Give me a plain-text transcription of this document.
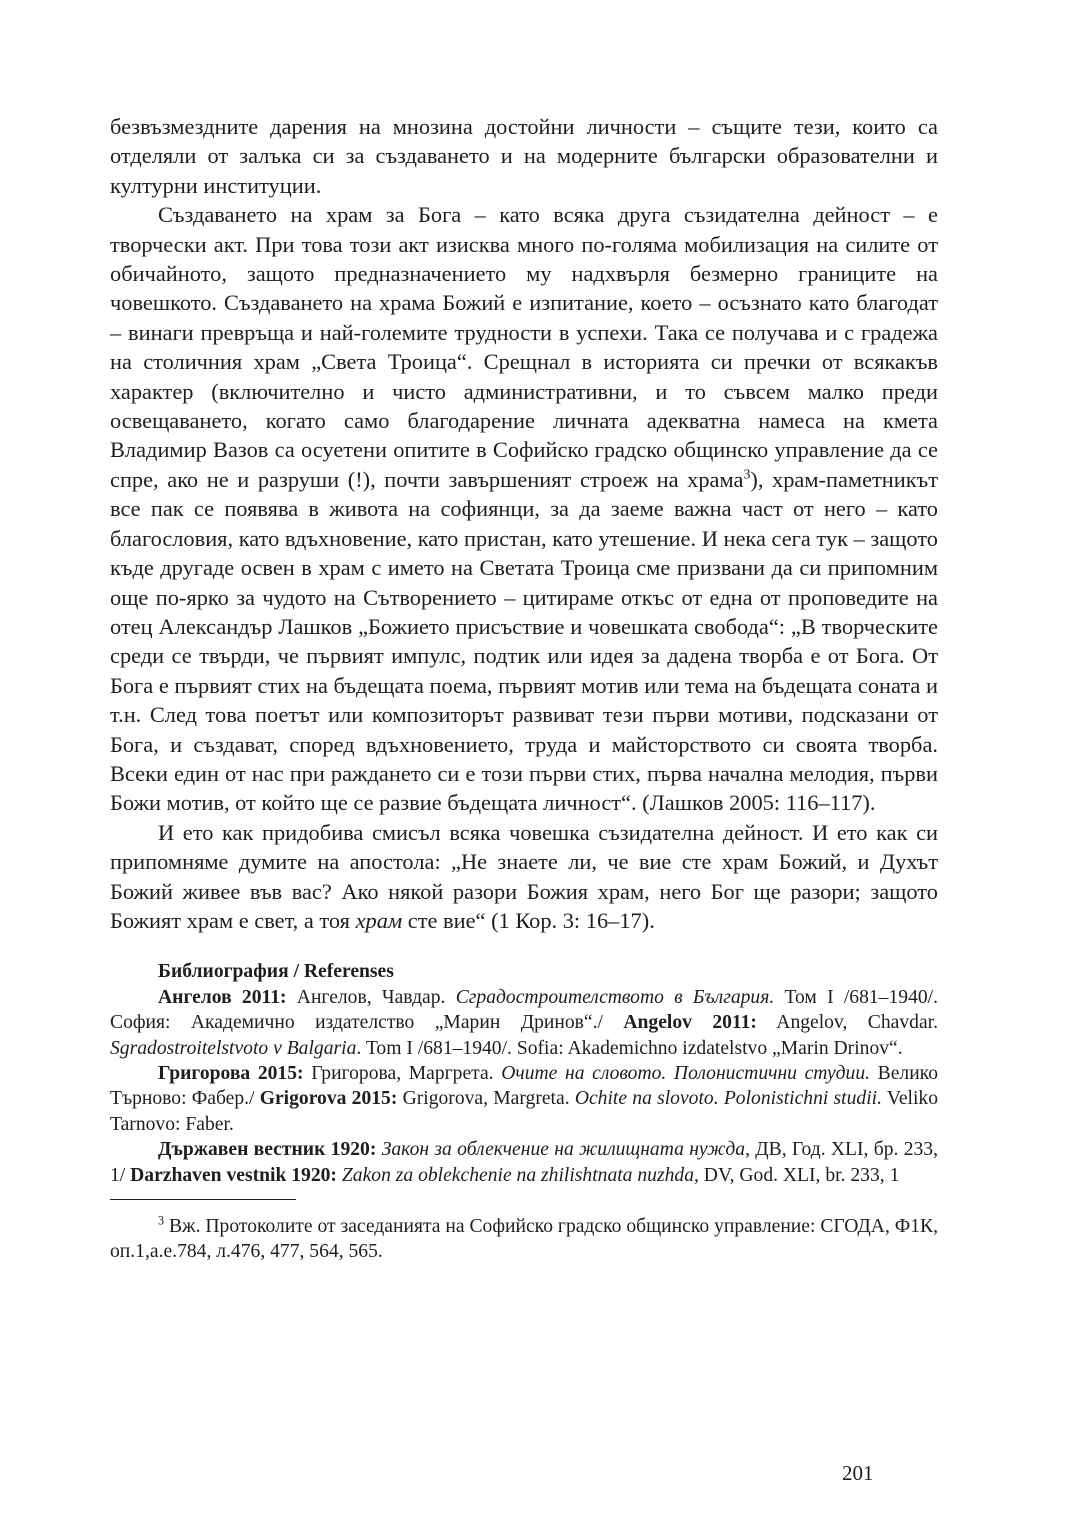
безвъзмездните дарения на мнозина достойни личности – същите тези, които са отделяли от залъка си за създаването и на модерните български образователни и културни институции.

Създаването на храм за Бога – като всяка друга съзидателна дейност – е творчески акт. При това този акт изисква много по-голяма мобилизация на силите от обичайното, защото предназначението му надхвърля безмерно границите на човешкото. Създаването на храма Божий е изпитание, което – осъзнато като благодат – винаги превръща и най-големите трудности в успехи. Така се получава и с градежа на столичния храм „Света Троица“. Срещнал в историята си пречки от всякакъв характер (включително и чисто административни, и то съвсем малко преди освещаването, когато само благодарение личната адекватна намеса на кмета Владимир Вазов са осуетени опитите в Софийско градско общинско управление да се спре, ако не и разруши (!), почти завършеният строеж на храма$^3$), храм-паметникът все пак се появява в живота на софиянци, за да заеме важна част от него – като благословия, като вдъхновение, като пристан, като утешение. И нека сега тук – защото къде другаде освен в храм с името на Светата Троица сме призвани да си припомним още по-ярко за чудото на Сътворението – цитираме откъс от една от проповедите на отец Александър Лашков „Божието присъствие и човешката свобода“: „В творческите среди се твърди, че първият импулс, подтик или идея за дадена творба е от Бога. От Бога е първият стих на бъдещата поема, първият мотив или тема на бъдещата соната и т.н. След това поетът или композиторът развиват тези първи мотиви, подсказани от Бога, и създават, според вдъхновението, труда и майсторството си своята творба. Всеки един от нас при раждането си е този първи стих, първа начална мелодия, първи Божи мотив, от който ще се развие бъдещата личност“. (Лашков 2005: 116–117).

И ето как придобива смисъл всяка човешка съзидателна дейност. И ето как си припомняме думите на апостола: „Не знаете ли, че вие сте храм Божий, и Духът Божий живее във вас? Ако някой разори Божия храм, него Бог ще разори; защото Божият храм е свет, а тоя храм сте вие“ (1 Кор. 3: 16–17).

Библиография / Referenses

Ангелов 2011: Ангелов, Чавдар. Сградостроителството в България. Том I /681–1940/. София: Академично издателство „Марин Дринов“./ Angelov 2011: Angelov, Chavdar. Sgradostroitelstvoto v Balgaria. Tom I /681–1940/. Sofia: Akademichno izdatelstvo „Marin Drinov“.

Григорова 2015: Григорова, Маргрета. Очите на словото. Полонистични студии. Велико Търново: Фабер./ Grigorova 2015: Grigorova, Margreta. Ochite na slovoto. Polonistichni studii. Veliko Tarnovo: Faber.

Държавен вестник 1920: Закон за облекчение на жилищната нужда, ДВ, Год. XLI, бр. 233, 1/ Darzhaven vestnik 1920: Zakon za oblekchenie na zhilishtnata nuzhda, DV, God. XLI, br. 233, 1

$^3$ Вж. Протоколите от заседанията на Софийско градско общинско управление: СГОДА, Ф1К, оп.1,а.е.784, л.476, 477, 564, 565.

201
